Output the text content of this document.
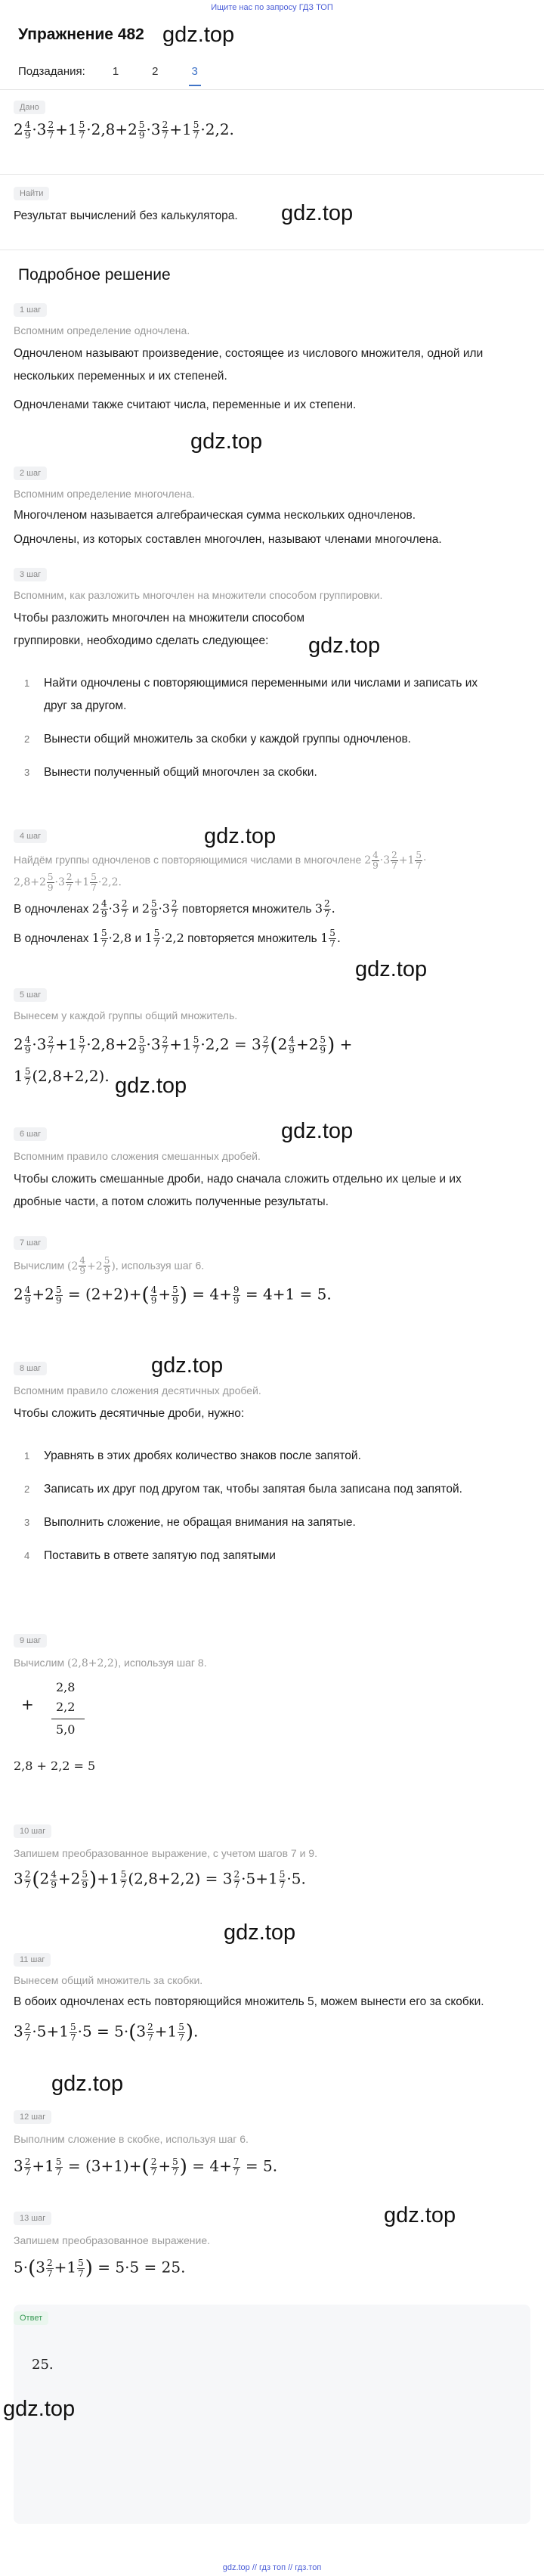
Ищите нас по запросу ГДЗ ТОП
Упражнение 482 gdz.top
Подзадания: 1	2	3
Дано
$2 \frac{4}{9} \cdot 3 \frac{2}{7} +1 \frac{5}{7} \cdot 2,8+2 \frac{5}{9} \cdot 3 \frac{2}{7} +1 \frac{5}{7} \cdot 2,2$.
Найти
Результат вычислений без калькулятора.	gdz.top
Подробное решение
1 шаг
Вспомним определение одночлена.
Одночленом называют произведение, состоящее из числового множителя, одной или нескольких переменных и их степеней.
Одночленами также считают числа, переменные и их степени.
gdz.top
2 шаг
Вспомним определение многочлена.
Многочленом называется алгебраическая сумма нескольких одночленов.
Одночлены, из которых составлен многочлен, называют членами многочлена.
3 шаг
Вспомним, как разложить многочлен на множители способом группировки.
Чтобы разложить многочлен на множители способом группировки, необходимо сделать следующее:
1 Найти одночлены с повторяющимися переменными или числами и записать их друг за другом.
2 Вынести общий множитель за скобки у каждой группы одночленов.
3 Вынести полученный общий многочлен за скобки.
gdz.top
gdz.top
4 шаг
Найдём группы одночленов с повторяющимися числами в многочлене $2 \frac{4}{9} \cdot 3 \frac{2}{7} +1 \frac{5}{7}$ ·
$2,8+2 \frac{5}{9} \cdot 3 \frac{2}{7} +1 \frac{5}{7} \cdot 2,2$.
В одночленах $2 \frac{4}{9} \cdot 3 \frac{2}{7}$ и $2 \frac{5}{9} \cdot 3 \frac{2}{7}$ повторяется множитель $3 \frac{2}{7}$ .
В одночленах $1 \frac{5}{7} \cdot 2,8$ и $1 \frac{5}{7} \cdot 2,2$ повторяется множитель $1 \frac{5}{7}$ .
gdz.top
5 шаг
Вынесем у каждой группы общий множитель.
$2 \frac{4}{9} \cdot 3 \frac{2}{7} +1 \frac{5}{7} \cdot 2,8+2 \frac{5}{9} \cdot 3 \frac{2}{7} +1 \frac{5}{7} \cdot 2,2 = 3 \frac{2}{7} (2 \frac{4}{9} +2 \frac{5}{9}$ ) +
$1 \frac{5}{7} (2,8+2,2)$. gdz.top
gdz.top
6 шаг
Вспомним правило сложения смешанных дробей.
Чтобы сложить смешанные дроби, надо сначала сложить отдельно их целые и их дробные части, а потом сложить полученные результаты.
7 шаг
Вычислим ($2 \frac{4}{9} +2 \frac{5}{9}$ ), используя шаг 6.
$2 \frac{4}{9} +2 \frac{5}{9} = (2+2)+( \frac{4}{9} + \frac{5}{9}$ ) = $4+ \frac{9}{9} = 4+1 = 5$.
gdz.top
8 шаг
Вспомним правило сложения десятичных дробей.
Чтобы сложить десятичные дроби, нужно:
1 Уравнять в этих дробях количество знаков после запятой.
2 Записать их друг под другом так, чтобы запятая была записана под запятой.
3 Выполнить сложение, не обращая внимания на запятые.
4 Поставить в ответе запятую под запятыми
9 шаг
Вычислим (2,8+2,2), используя шаг 8.
+
2,8
2,2
5,0
2,8 + 2,2 = 5
10 шаг
Запишем преобразованное выражение, с учетом шагов 7 и 9.
$3 \frac{2}{7} (2 \frac{4}{9} +2 \frac{5}{9} )+1 \frac{5}{7} (2,8+2,2) = 3 \frac{2}{7} \cdot 5+1 \frac{5}{7} \cdot 5$.
gdz.top
11 шаг
Вынесем общий множитель за скобки.
В обоих одночленах есть повторяющийся множитель 5, можем вынести его за скобки.
$3 \frac{2}{7} \cdot 5+1 \frac{5}{7} \cdot 5 = 5\cdot(3 \frac{2}{7} +1 \frac{5}{7}$ ).
gdz.top
12 шаг
Выполним сложение в скобке, используя шаг 6.
$3 \frac{2}{7} +1 \frac{5}{7} = (3+1)+( \frac{2}{7} + \frac{5}{7}$ ) = $4+ \frac{7}{7} = 5$.
13 шаг
Запишем преобразованное выражение.
$5\cdot(3 \frac{2}{7} +1 \frac{5}{7}$ ) = 5·5 = 25.
gdz.top
Ответ
25.
gdz.top
gdz.top // гдз топ // гдз.топ
